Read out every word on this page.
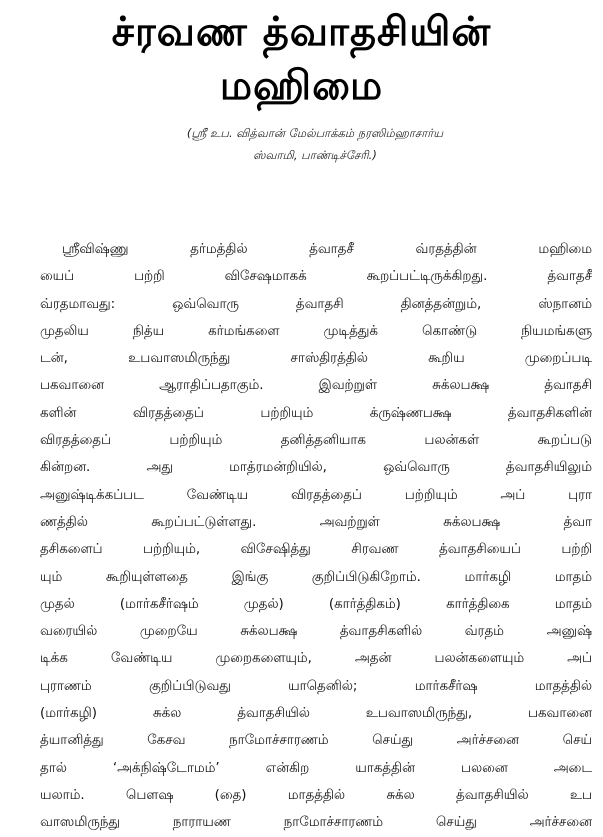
ச்ரவண த்வாதசியின்
மஹிமை
(ஸ்ரீ உப. வித்வான் மேல்பாக்கம் நரஸிம்ஹாசார்ய
ஸ்வாமி, பாண்டிச்சேரி.)
ஸ்ரீவிஷ்ணு தர்மத்தில் த்வாதசீ வ்ரதத்தின் மஹிமை
யைப் பற்றி விசேஷமாகக் கூறப்பட்டிருக்கிறது. த்வாதசீ
வ்ரதமாவது: ஒவ்வொரு த்வாதசி தினத்தன்றும், ஸ்நானம்
முதலிய நித்ய கர்மங்களை முடித்துக் கொண்டு நியமங்களு
டன், உபவாஸமிருந்து சாஸ்திரத்தில் கூறிய முறைப்படி
பகவானை ஆராதிப்பதாகும். இவற்றுள் சுக்லபக்ஷ த்வாதசி
களின் விரதத்தைப் பற்றியும் க்ருஷ்ணபக்ஷ த்வாதசிகளின்
விரதத்தைப் பற்றியும் தனித்தனியாக பலன்கள் கூறப்படு
கின்றன. அது மாத்ரமன்றியில், ஒவ்வொரு த்வாதசியிலும்
அனுஷ்டிக்கப்பட வேண்டிய விரதத்தைப் பற்றியும் அப் புரா
ணத்தில் கூறப்பட்டுள்ளது. அவற்றுள் சுக்லபக்ஷ த்வா
தசிகளைப் பற்றியும், விசேஷித்து சிரவண த்வாதசியைப் பற்றி
யும் கூறியுள்ளதை இங்கு குறிப்பிடுகிறோம். மார்கழி மாதம்
முதல் (மார்கசீர்ஷம் முதல்) (கார்த்திகம்) கார்த்திகை மாதம்
வரையில் முறையே சுக்லபக்ஷ த்வாதசிகளில் வ்ரதம் அனுஷ்
டிக்க வேண்டிய முறைகளையும், அதன் பலன்களையும் அப்
புராணம் குறிப்பிடுவது யாதெனில்; மார்கசீர்ஷ மாதத்தில்
(மார்கழி) சுக்ல த்வாதசியில் உபவாஸமிருந்து, பகவானை
த்யானித்து கேசவ நாமோச்சாரணம் செய்து அர்ச்சனை செய்
தால் ‘அக்நிஷ்டோமம்’ என்கிற யாகத்தின் பலனை அடை
யலாம். பௌஷ (தை) மாதத்தில் சுக்ல த்வாதசியில் உப
வாஸமிருந்து நாராயண நாமோச்சாரணம் செய்து அர்ச்சனை
